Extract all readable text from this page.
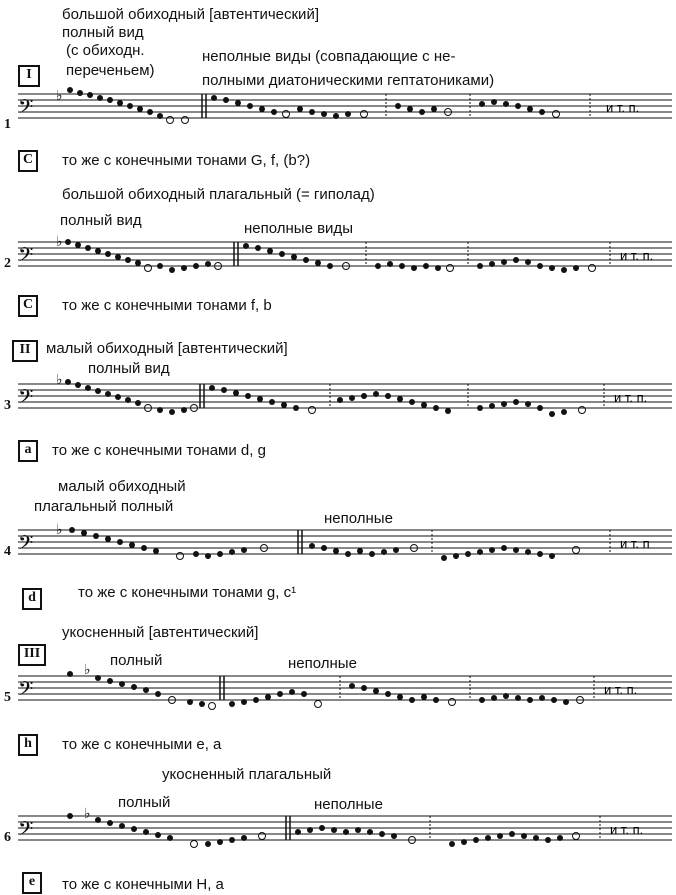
большой обиходный [автентический]
полный вид
(с обиходн.
переченьем)
неполные виды (совпадающие с не-
полными диатоническими гептатониками)
I
1
𝄢 ♭
и т. п.
C	то же с конечными тонами G, f, (b?)
большой обиходный плагальный (= гиполад)
полный вид	неполные виды
2 𝄢
♭
и т. п.
C	то же с конечными тонами f, b
II	малый обиходный [автентический]
полный вид
3 𝄢
♭
и т. п.
a	то же с конечными тонами d, g
малый обиходный
плагальный полный
неполные
4 𝄢
♭
и т. п
d	то же с конечными тонами g, c¹
III
укосненный [автентический]
полный	неполные
5 𝄢
♭
и т. п.
h	то же с конечными e, a
укосненный плагальный
полный	неполные
6 𝄢
♭
и т. п.
e	то же с конечными H, a
